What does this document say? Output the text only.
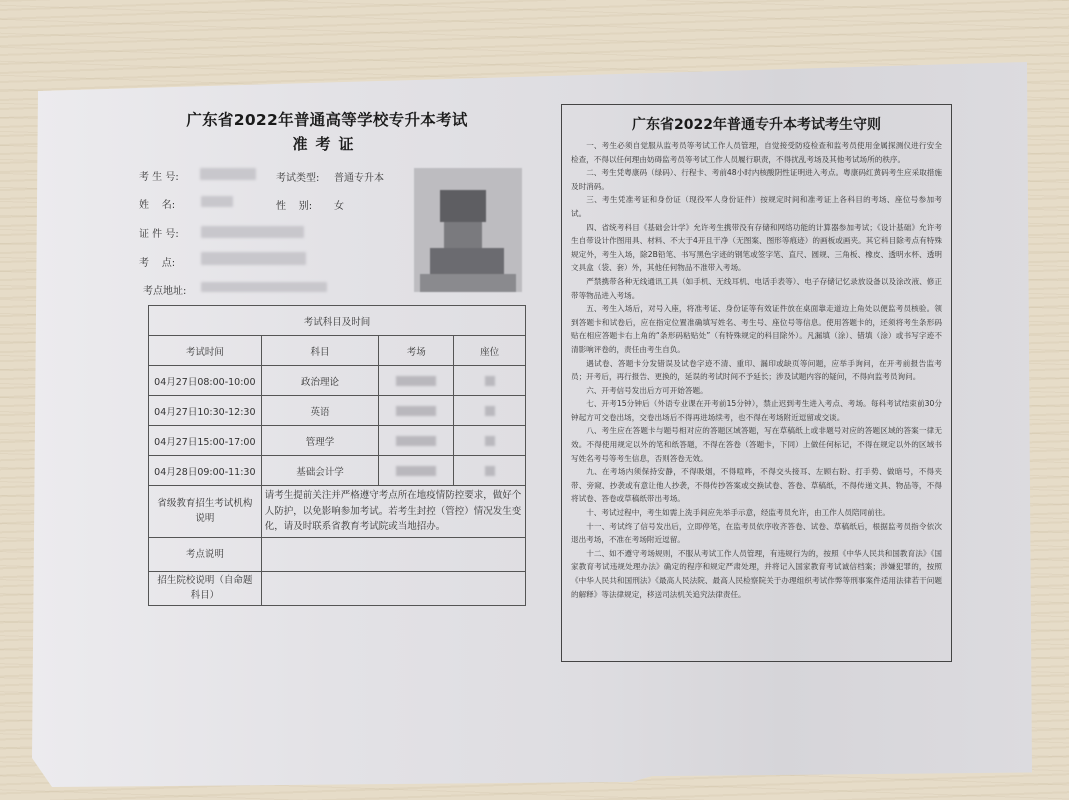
广东省2022年普通高等学校专升本考试
准考证
考 生 号:	考试类型: 普通专升本
姓    名:	性    别: 女
证 件 号:
考    点:
考点地址:
考试科目及时间			
考试时间	科目	考场	座位
04月27日08:00-10:00	政治理论		
04月27日10:30-12:30	英语		
04月27日15:00-17:00	管理学		
04月28日09:00-11:30	基础会计学		
省级教育招生考试机构说明	请考生提前关注并严格遵守考点所在地疫情防控要求，做好个人防护，以免影响参加考试。若考生封控（管控）情况发生变化，请及时联系省教育考试院或当地招办。		
考点说明			
招生院校说明（自命题科目）			
广东省2022年普通专升本考试考生守则

一、考生必须自觉服从监考员等考试工作人员管理，自觉接受防疫检查和监考员使用金属探测仪进行安全检查，不得以任何理由妨碍监考员等考试工作人员履行职责，不得扰乱考场及其他考试场所的秩序。

二、考生凭粤康码（绿码）、行程卡、考前48小时内核酸阴性证明进入考点。粤康码红黄码考生应采取措施及时消码。

三、考生凭准考证和身份证（现役军人身份证件）按规定时间和准考证上各科目的考场、座位号参加考试。

四、省统考科目《基础会计学》允许考生携带没有存储和网络功能的计算器参加考试；《设计基础》允许考生自带设计作图用具、材料、不大于4开且干净（无图案、图形等痕迹）的画板或画夹。其它科目除考点有特殊规定外，考生入场，除2B铅笔、书写黑色字迹的钢笔或签字笔、直尺、圆规、三角板、橡皮、透明水杯、透明文具盒（袋、套）外，其他任何物品不准带入考场。

严禁携带各种无线通讯工具（如手机、无线耳机、电话手表等）、电子存储记忆录放设备以及涂改液、修正带等物品进入考场。

五、考生入场后，对号入座，将准考证、身份证等有效证件放在桌面靠走道边上角处以便监考员核验。领到答题卡和试卷后，应在指定位置准确填写姓名、考生号、座位号等信息。使用答题卡的，还须将考生条形码贴在相应答题卡右上角的“条形码粘贴处”（有特殊规定的科目除外）。凡漏填（涂）、错填（涂）或书写字迹不清影响评卷的，责任由考生自负。

遇试卷、答题卡分发错误及试卷字迹不清、重印、漏印或缺页等问题，应举手询问，在开考前报告监考员；开考后，再行报告、更换的，延误的考试时间不予延长；涉及试题内容的疑问，不得向监考员询问。

六、开考信号发出后方可开始答题。

七、开考15分钟后（外语专业课在开考前15分钟），禁止迟到考生进入考点、考场。每科考试结束前30分钟起方可交卷出场，交卷出场后不得再进场续考，也不得在考场附近逗留或交谈。

八、考生应在答题卡与题号相对应的答题区域答题，写在草稿纸上或非题号对应的答题区域的答案一律无效。不得使用规定以外的笔和纸答题，不得在答卷（答题卡，下同）上做任何标记，不得在规定以外的区域书写姓名考号等考生信息，否则答卷无效。

九、在考场内须保持安静，不得吸烟，不得喧哗，不得交头接耳、左顾右盼、打手势、做暗号，不得夹带、旁窥、抄袭或有意让他人抄袭，不得传抄答案或交换试卷、答卷、草稿纸，不得传递文具、物品等，不得将试卷、答卷或草稿纸带出考场。

十、考试过程中，考生如需上洗手间应先举手示意，经监考员允许，由工作人员陪同前往。

十一、考试终了信号发出后，立即停笔，在监考员依序收齐答卷、试卷、草稿纸后，根据监考员指令依次退出考场，不准在考场附近逗留。

十二、如不遵守考场规则，不服从考试工作人员管理，有违规行为的，按照《中华人民共和国教育法》《国家教育考试违规处理办法》确定的程序和规定严肃处理，并将记入国家教育考试诚信档案；涉嫌犯罪的，按照《中华人民共和国刑法》《最高人民法院、最高人民检察院关于办理组织考试作弊等刑事案件适用法律若干问题的解释》等法律规定，移送司法机关追究法律责任。
